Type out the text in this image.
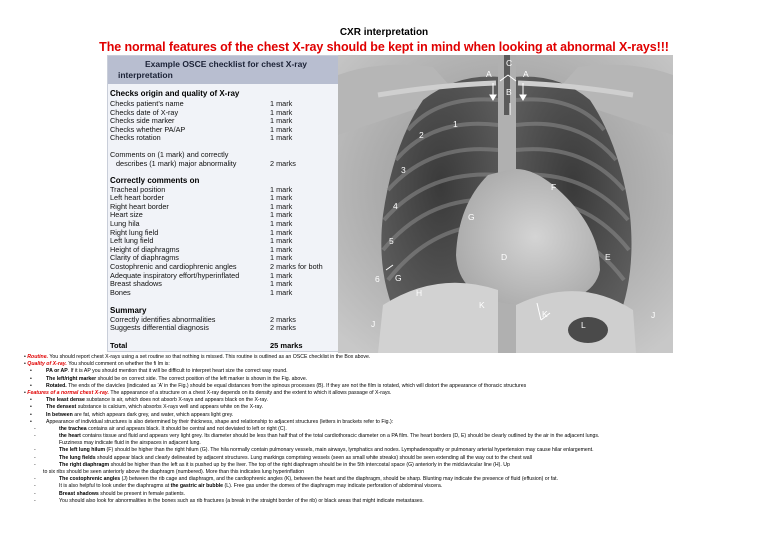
CXR interpretation
The normal features of the chest X-ray should be kept in mind when looking at abnormal X-rays!!!
Example OSCE checklist for chest X-ray
interpretation
Checks origin and quality of X-ray
Checks patient’s name	1 mark
Checks date of X-ray	1 mark
Checks side marker	1 mark
Checks whether PA/AP	1 mark
Checks rotation	1 mark
Comments on (1 mark) and correctly
describes (1 mark) major abnormality	2 marks
Correctly comments on
Tracheal position	1 mark
Left heart border	1 mark
Right heart border	1 mark
Heart size	1 mark
Lung hila	1 mark
Right lung field	1 mark
Left lung field	1 mark
Height of diaphragms	1 mark
Clarity of diaphragms	1 mark
Costophrenic and cardiophrenic angles	2 marks for both
Adequate inspiratory effort/hyperinflated	1 mark
Breast shadows	1 mark
Bones	1 mark
Summary
Correctly identifies abnormalities	2 marks
Suggests differential diagnosis	2 marks
Total	25 marks
A
C
A
B
1
2
3
4
5
6
F
G
D	E
G
H
K
K
L
J
J
• Routine. You should report chest X-rays using a set routine so that nothing is missed. This routine is outlined as an OSCE checklist in the Box above.
• Quality of X-ray. You should comment on whether the fi lm is:
•	PA or AP. If it is AP you should mention that it will be difficult to interpret heart size the correct way round.
•	The left/right marker should be on correct side. The correct position of the left marker is shown in the Fig. above.
•	Rotated. The ends of the clavicles (indicated as ‘A’ in the Fig.) should be equal distances from the spinous processes (B). If they are not the film is rotated, which will distort the appearance of thoracic structures
• Features of a normal chest X-ray. The appearance of a structure on a chest X-ray depends on its density and the extent to which it allows passage of X-rays.
•	The least dense substance is air, which does not absorb X-rays and appears black on the X-ray.
•	The densest substance is calcium, which absorbs X-rays well and appears white on the X-ray.
•	In between are fat, which appears dark grey, and water, which appears light grey.
•	Appearance of individual structures is also determined by their thickness, shape and relationship to adjacent structures (letters in brackets refer to Fig.):
-	the trachea contains air and appears black. It should be central and not deviated to left or right (C).
-	the heart contains tissue and fluid and appears very light grey. Its diameter should be less than half that of the total cardiothoracic diameter on a PA film. The heart borders (D, E) should be clearly outlined by the air in the adjacent lungs.
Fuzziness may indicate fluid in the airspaces in adjacent lung.
-	The left lung hilum (F) should be higher than the right hilum (G). The hila normally contain pulmonary vessels, main airways, lymphatics and nodes. Lymphadenopathy or pulmonary arterial hypertension may cause hilar enlargement.
-	The lung fields should appear black and clearly delineated by adjacent structures. Lung markings comprising vessels (seen as small white streaks) should be seen extending all the way out to the chest wall
-	The right diaphragm should be higher than the left as it is pushed up by the liver. The top of the right diaphragm should be in the 5th intercostal space (G) anteriorly in the midclavicular line (H). Up
to six ribs should be seen anteriorly above the diaphragm (numbered). More than this indicates lung hyperinflation
-	The costophrenic angles (J) between the rib cage and diaphragm, and the cardiophrenic angles (K), between the heart and the diaphragm, should be sharp. Blunting may indicate the presence of fluid (effusion) or fat.
-	It is also helpful to look under the diaphragms at the gastric air bubble (L). Free gas under the domes of the diaphragm may indicate perforation of abdominal viscera.
-	Breast shadows should be present in female patients.
-	You should also look for abnormalities in the bones such as rib fractures (a break in the straight border of the rib) or black areas that might indicate metastases.
